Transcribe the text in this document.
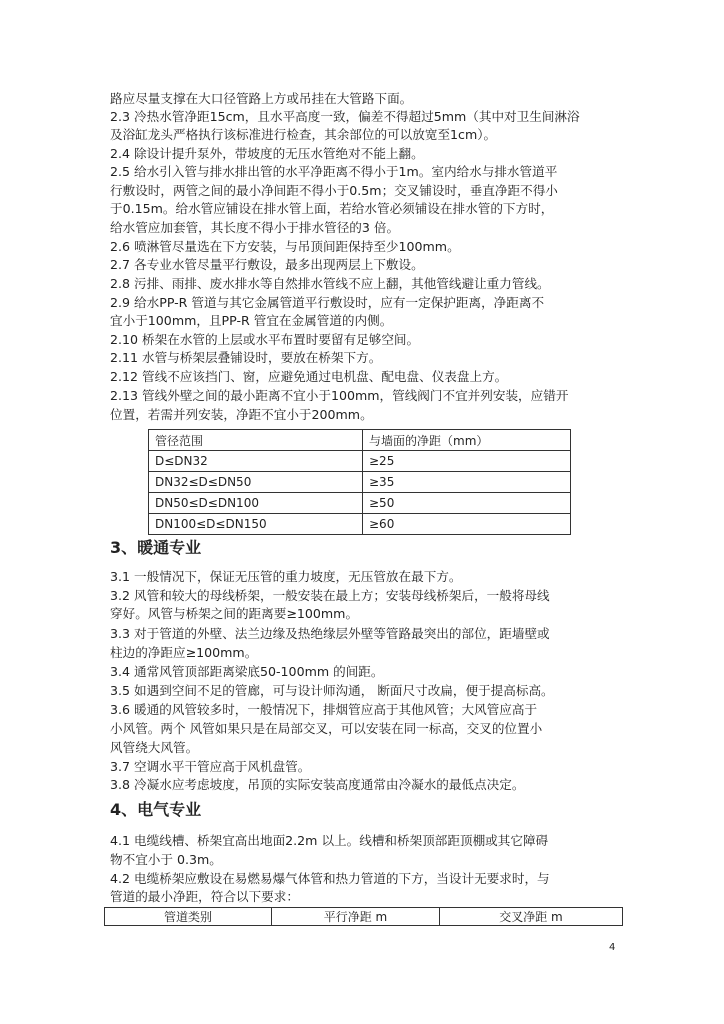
路应尽量支撑在大口径管路上方或吊挂在大管路下面。
2.3 冷热水管净距15cm，且水平高度一致，偏差不得超过5mm（其中对卫生间淋浴
及浴缸龙头严格执行该标准进行检查，其余部位的可以放宽至1cm）。
2.4 除设计提升泵外，带坡度的无压水管绝对不能上翻。
2.5 给水引入管与排水排出管的水平净距离不得小于1m。室内给水与排水管道平
行敷设时，两管之间的最小净间距不得小于0.5m；交叉铺设时，垂直净距不得小
于0.15m。给水管应铺设在排水管上面，若给水管必须铺设在排水管的下方时，
给水管应加套管，其长度不得小于排水管径的3 倍。
2.6 喷淋管尽量选在下方安装，与吊顶间距保持至少100mm。
2.7 各专业水管尽量平行敷设，最多出现两层上下敷设。
2.8 污排、雨排、废水排水等自然排水管线不应上翻，其他管线避让重力管线。
2.9 给水PP-R 管道与其它金属管道平行敷设时，应有一定保护距离，净距离不
宜小于100mm，且PP-R 管宜在金属管道的内侧。
2.10 桥架在水管的上层或水平布置时要留有足够空间。
2.11 水管与桥架层叠铺设时，要放在桥架下方。
2.12 管线不应该挡门、窗，应避免通过电机盘、配电盘、仪表盘上方。
2.13 管线外壁之间的最小距离不宜小于100mm，管线阀门不宜并列安装，应错开
位置，若需并列安装，净距不宜小于200mm。
管径范围	与墙面的净距（mm）
D≤DN32	≥25
DN32≤D≤DN50	≥35
DN50≤D≤DN100	≥50
DN100≤D≤DN150	≥60
3、暖通专业
3.1 一般情况下，保证无压管的重力坡度，无压管放在最下方。
3.2 风管和较大的母线桥架，一般安装在最上方；安装母线桥架后，一般将母线
穿好。风管与桥架之间的距离要≥100mm。
3.3 对于管道的外壁、法兰边缘及热绝缘层外壁等管路最突出的部位，距墙壁或
柱边的净距应≥100mm。
3.4 通常风管顶部距离梁底50-100mm 的间距。
3.5 如遇到空间不足的管廊，可与设计师沟通， 断面尺寸改扁，便于提高标高。
3.6 暖通的风管较多时，一般情况下，排烟管应高于其他风管；大风管应高于
小风管。两个 风管如果只是在局部交叉，可以安装在同一标高，交叉的位置小
风管绕大风管。
3.7 空调水平干管应高于风机盘管。
3.8 冷凝水应考虑坡度，吊顶的实际安装高度通常由冷凝水的最低点决定。
4、电气专业
4.1 电缆线槽、桥架宜高出地面2.2m 以上。线槽和桥架顶部距顶棚或其它障碍
物不宜小于 0.3m。
4.2 电缆桥架应敷设在易燃易爆气体管和热力管道的下方，当设计无要求时，与
管道的最小净距，符合以下要求：
管道类别	平行净距 m	交叉净距 m
4
